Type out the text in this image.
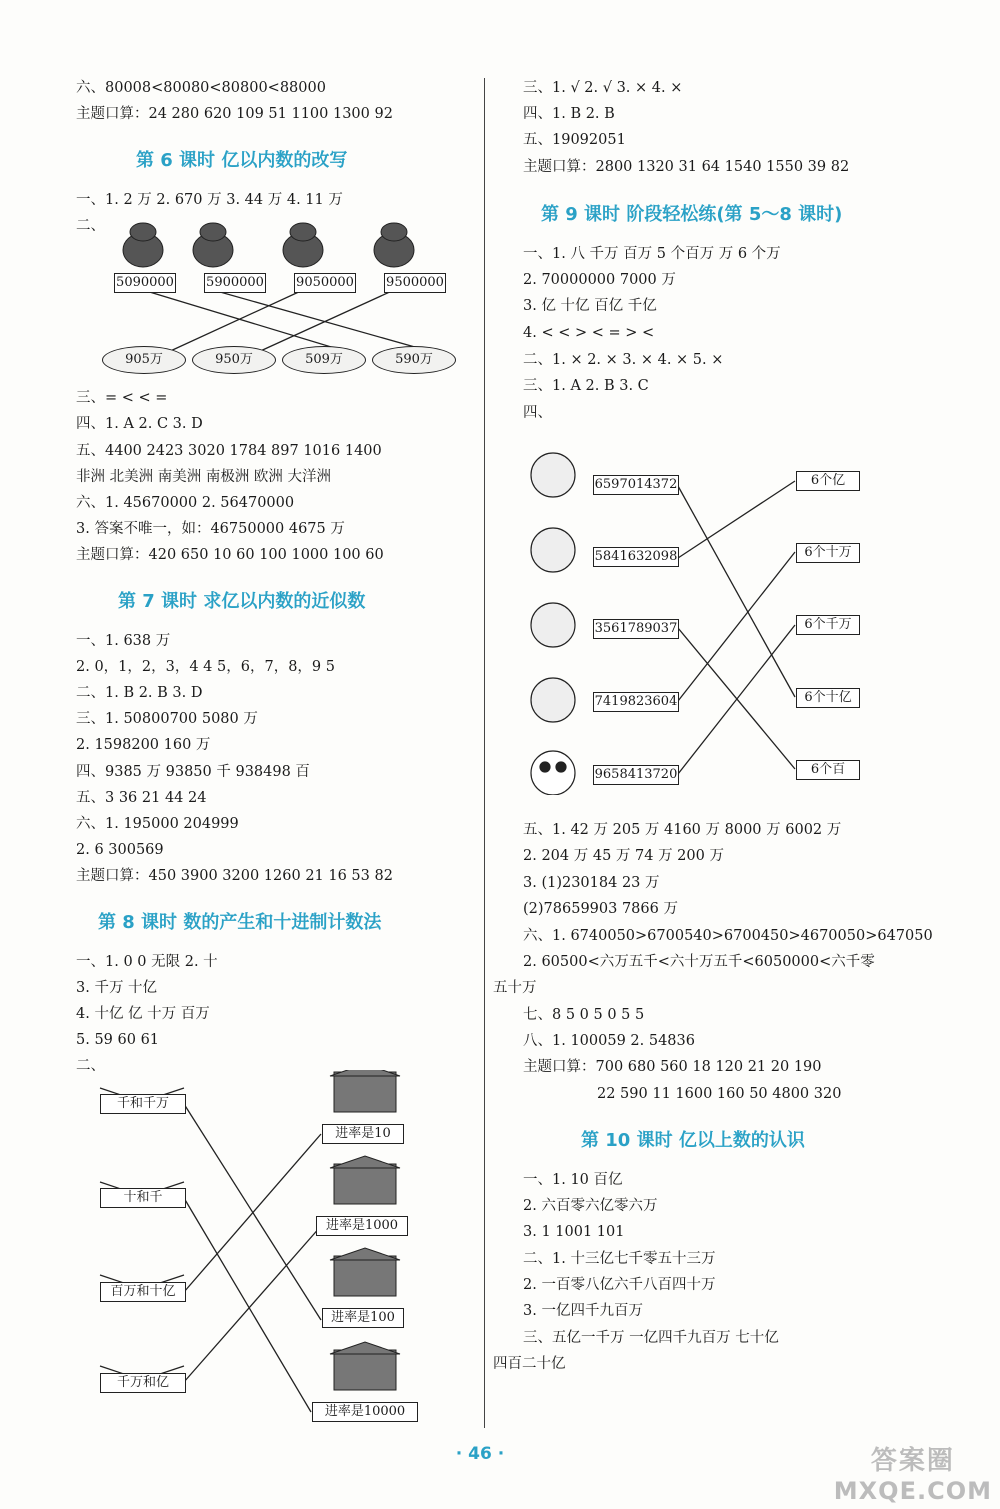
六、80008<80080<80800<88000
主题口算：24 280 620 109 51 1100 1300 92
第 6 课时 亿以内数的改写
一、1. 2 万 2. 670 万 3. 44 万 4. 11 万
二、
5090000 5900000 9050000 9500000
905万	950万	509万	590万
三、= < < =
四、1. A 2. C 3. D
五、4400 2423 3020 1784 897 1016 1400
非洲 北美洲 南美洲 南极洲 欧洲 大洋洲
六、1. 45670000 2. 56470000
3. 答案不唯一，如：46750000 4675 万
主题口算：420 650 10 60 100 1000 100 60
第 7 课时 求亿以内数的近似数
一、1. 638 万
2. 0，1，2，3，4 4 5，6，7，8，9 5
二、1. B 2. B 3. D
三、1. 50800700 5080 万
2. 1598200 160 万
四、9385 万 93850 千 938498 百
五、3 36 21 44 24
六、1. 195000 204999
2. 6 300569
主题口算：450 3900 3200 1260 21 16 53 82
第 8 课时 数的产生和十进制计数法
一、1. 0 0 无限 2. 十
3. 千万 十亿
4. 十亿 亿 十万 百万
5. 59 60 61
二、
千和千万
十和千
百万和十亿
千万和亿
进率是10
进率是1000
进率是100
进率是10000
三、1. √ 2. √ 3. × 4. ×
四、1. B 2. B
五、19092051
主题口算：2800 1320 31 64 1540 1550 39 82
第 9 课时 阶段轻松练(第 5～8 课时)
一、1. 八 千万 百万 5 个百万 万 6 个万
2. 70000000 7000 万
3. 亿 十亿 百亿 千亿
4. < < > < = > <
二、1. × 2. × 3. × 4. × 5. ×
三、1. A 2. B 3. C
四、
6597014372
5841632098
3561789037
7419823604
9658413720
6个亿
6个十万
6个千万
6个十亿
6个百
五、1. 42 万 205 万 4160 万 8000 万 6002 万
2. 204 万 45 万 74 万 200 万
3. (1)230184 23 万
(2)78659903 7866 万
六、1. 6740050>6700540>6700450>4670050>647050
2. 60500<六万五千<六十万五千<6050000<六千零
五十万
七、8 5 0 5 0 5 5
八、1. 100059 2. 54836
主题口算：700 680 560 18 120 21 20 190
22 590 11 1600 160 50 4800 320
第 10 课时 亿以上数的认识
一、1. 10 百亿
2. 六百零六亿零六万
3. 1 1001 101
二、1. 十三亿七千零五十三万
2. 一百零八亿六千八百四十万
3. 一亿四千九百万
三、五亿一千万 一亿四千九百万 七十亿
四百二十亿
· 46 ·	答案圈
MXQE.COM
